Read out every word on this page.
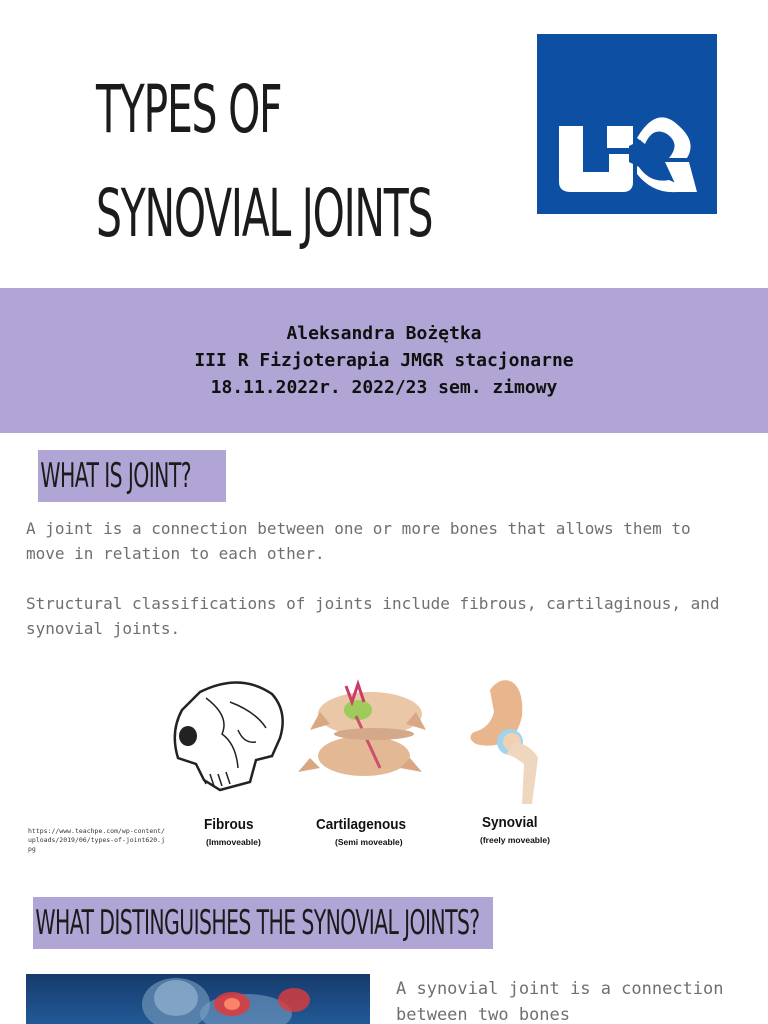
TYPES OF
SYNOVIAL JOINTS
Aleksandra Bożętka
III R Fizjoterapia JMGR stacjonarne
18.11.2022r. 2022/23 sem. zimowy
WHAT IS JOINT?
A joint is a connection between one or more bones that allows them to move in relation to each other.
Structural classifications of joints include fibrous, cartilaginous, and synovial joints.
Fibrous
(Immoveable)
Cartilagenous
(Semi moveable)
Synovial
(freely moveable)
https://www.teachpe.com/wp-content/uploads/2019/06/types-of-joint620.jpg
WHAT DISTINGUISHES THE SYNOVIAL JOINTS?
A synovial joint is a connection between two bones
